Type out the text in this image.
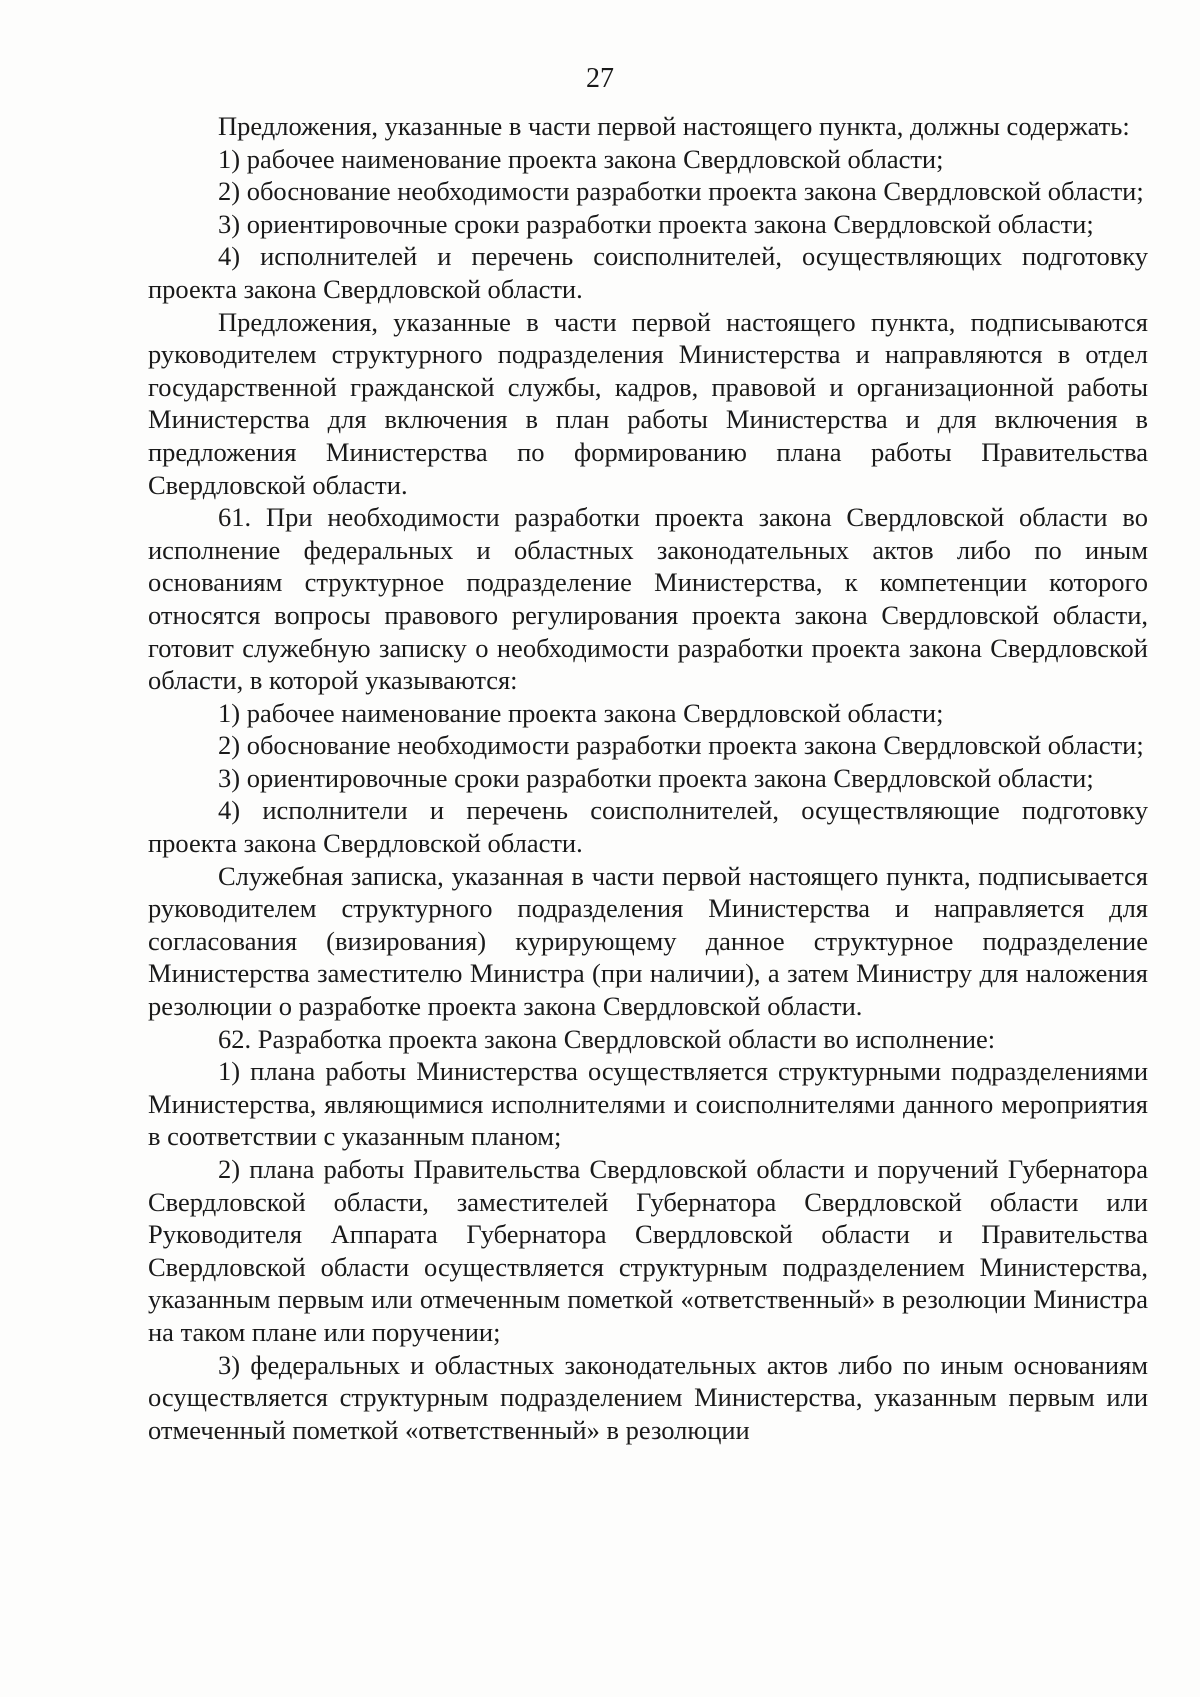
27

Предложения, указанные в части первой настоящего пункта, должны содержать:

1) рабочее наименование проекта закона Свердловской области;

2) обоснование необходимости разработки проекта закона Свердловской области;

3) ориентировочные сроки разработки проекта закона Свердловской области;

4) исполнителей и перечень соисполнителей, осуществляющих подготовку проекта закона Свердловской области.

Предложения, указанные в части первой настоящего пункта, подписываются руководителем структурного подразделения Министерства и направляются в отдел государственной гражданской службы, кадров, правовой и организационной работы Министерства для включения в план работы Министерства и для включения в предложения Министерства по формированию плана работы Правительства Свердловской области.

61. При необходимости разработки проекта закона Свердловской области во исполнение федеральных и областных законодательных актов либо по иным основаниям структурное подразделение Министерства, к компетенции которого относятся вопросы правового регулирования проекта закона Свердловской области, готовит служебную записку о необходимости разработки проекта закона Свердловской области, в которой указываются:

1) рабочее наименование проекта закона Свердловской области;

2) обоснование необходимости разработки проекта закона Свердловской области;

3) ориентировочные сроки разработки проекта закона Свердловской области;

4) исполнители и перечень соисполнителей, осуществляющие подготовку проекта закона Свердловской области.

Служебная записка, указанная в части первой настоящего пункта, подписывается руководителем структурного подразделения Министерства и направляется для согласования (визирования) курирующему данное структурное подразделение Министерства заместителю Министра (при наличии), а затем Министру для наложения резолюции о разработке проекта закона Свердловской области.

62. Разработка проекта закона Свердловской области во исполнение:

1) плана работы Министерства осуществляется структурными подразделениями Министерства, являющимися исполнителями и соисполнителями данного мероприятия в соответствии с указанным планом;

2) плана работы Правительства Свердловской области и поручений Губернатора Свердловской области, заместителей Губернатора Свердловской области или Руководителя Аппарата Губернатора Свердловской области и Правительства Свердловской области осуществляется структурным подразделением Министерства, указанным первым или отмеченным пометкой «ответственный» в резолюции Министра на таком плане или поручении;

3) федеральных и областных законодательных актов либо по иным основаниям осуществляется структурным подразделением Министерства, указанным первым или отмеченный пометкой «ответственный» в резолюции
